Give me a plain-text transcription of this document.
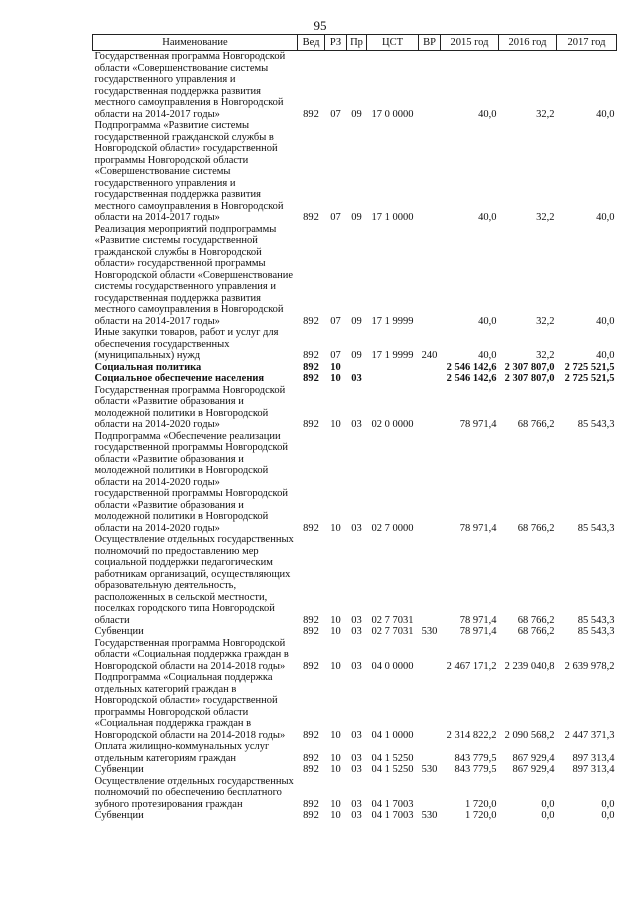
95
Наименование	Вед	РЗ	Пр	ЦСТ	ВР	2015 год	2016 год	2017 год
Государственная программа Новгородской области «Совершенствование системы государственного управления и государственная поддержка развития местного самоуправления в Новгородской области на 2014-2017 годы»	892	07	09	17 0 0000		40,0	32,2	40,0
Подпрограмма «Развитие системы государственной гражданской службы в Новгородской области» государственной программы Новгородской области «Совершенствование системы государственного управления и государственная поддержка развития местного самоуправления в Новгородской области на 2014-2017 годы»	892	07	09	17 1 0000		40,0	32,2	40,0
Реализация мероприятий подпрограммы «Развитие системы государственной гражданской службы в Новгородской области» государственной программы Новгородской области «Совершенствование системы государственного управления и государственная поддержка развития местного самоуправления в Новгородской области на 2014-2017 годы»	892	07	09	17 1 9999		40,0	32,2	40,0
Иные закупки товаров, работ и услуг для обеспечения государственных (муниципальных) нужд	892	07	09	17 1 9999	240	40,0	32,2	40,0
Социальная политика	892	10				2 546 142,6	2 307 807,0	2 725 521,5
Социальное обеспечение населения	892	10	03			2 546 142,6	2 307 807,0	2 725 521,5
Государственная программа Новгородской области «Развитие образования и молодежной политики в Новгородской области на 2014-2020 годы»	892	10	03	02 0 0000		78 971,4	68 766,2	85 543,3
Подпрограмма «Обеспечение реализации государственной программы Новгородской области «Развитие образования и молодежной политики в Новгородской области на 2014-2020 годы» государственной программы Новгородской области «Развитие образования и молодежной политики в Новгородской области на 2014-2020 годы»	892	10	03	02 7 0000		78 971,4	68 766,2	85 543,3
Осуществление отдельных государственных полномочий по предоставлению мер социальной поддержки педагогическим работникам организаций, осуществляющих образовательную деятельность, расположенных в сельской местности, поселках городского типа Новгородской области	892	10	03	02 7 7031		78 971,4	68 766,2	85 543,3
Субвенции	892	10	03	02 7 7031	530	78 971,4	68 766,2	85 543,3
Государственная программа Новгородской области «Социальная поддержка граждан в Новгородской области на 2014-2018 годы»	892	10	03	04 0 0000		2 467 171,2	2 239 040,8	2 639 978,2
Подпрограмма «Социальная поддержка отдельных категорий граждан в Новгородской области» государственной программы Новгородской области «Социальная поддержка граждан в Новгородской области на 2014-2018 годы»	892	10	03	04 1 0000		2 314 822,2	2 090 568,2	2 447 371,3
Оплата жилищно-коммунальных услуг отдельным категориям граждан	892	10	03	04 1 5250		843 779,5	867 929,4	897 313,4
Субвенции	892	10	03	04 1 5250	530	843 779,5	867 929,4	897 313,4
Осуществление отдельных государственных полномочий по обеспечению бесплатного зубного протезирования граждан	892	10	03	04 1 7003		1 720,0	0,0	0,0
Субвенции	892	10	03	04 1 7003	530	1 720,0	0,0	0,0
